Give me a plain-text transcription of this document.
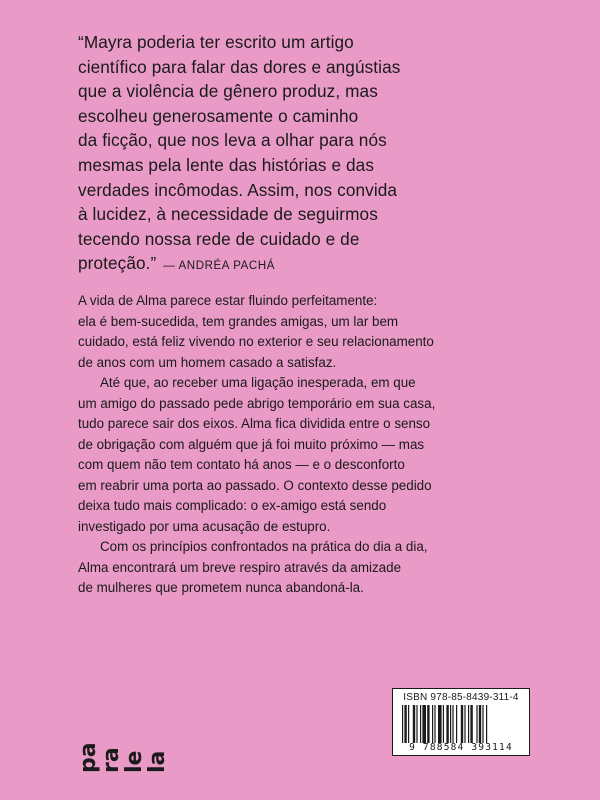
“Mayra poderia ter escrito um artigo
científico para falar das dores e angústias
que a violência de gênero produz, mas
escolheu generosamente o caminho
da ficção, que nos leva a olhar para nós
mesmas pela lente das histórias e das
verdades incômodas. Assim, nos convida
à lucidez, à necessidade de seguirmos
tecendo nossa rede de cuidado e de
proteção.” — ANDRÉA PACHÁ

A vida de Alma parece estar fluindo perfeitamente:
ela é bem-sucedida, tem grandes amigas, um lar bem
cuidado, está feliz vivendo no exterior e seu relacionamento
de anos com um homem casado a satisfaz.

Até que, ao receber uma ligação inesperada, em que
um amigo do passado pede abrigo temporário em sua casa,
tudo parece sair dos eixos. Alma fica dividida entre o senso
de obrigação com alguém que já foi muito próximo — mas
com quem não tem contato há anos — e o desconforto
em reabrir uma porta ao passado. O contexto desse pedido
deixa tudo mais complicado: o ex-amigo está sendo
investigado por uma acusação de estupro.

Com os princípios confrontados na prática do dia a dia,
Alma encontrará um breve respiro através da amizade
de mulheres que prometem nunca abandoná-la.

pa
ra
le
la
ISBN 978-85-8439-311-4
9 788584 393114
